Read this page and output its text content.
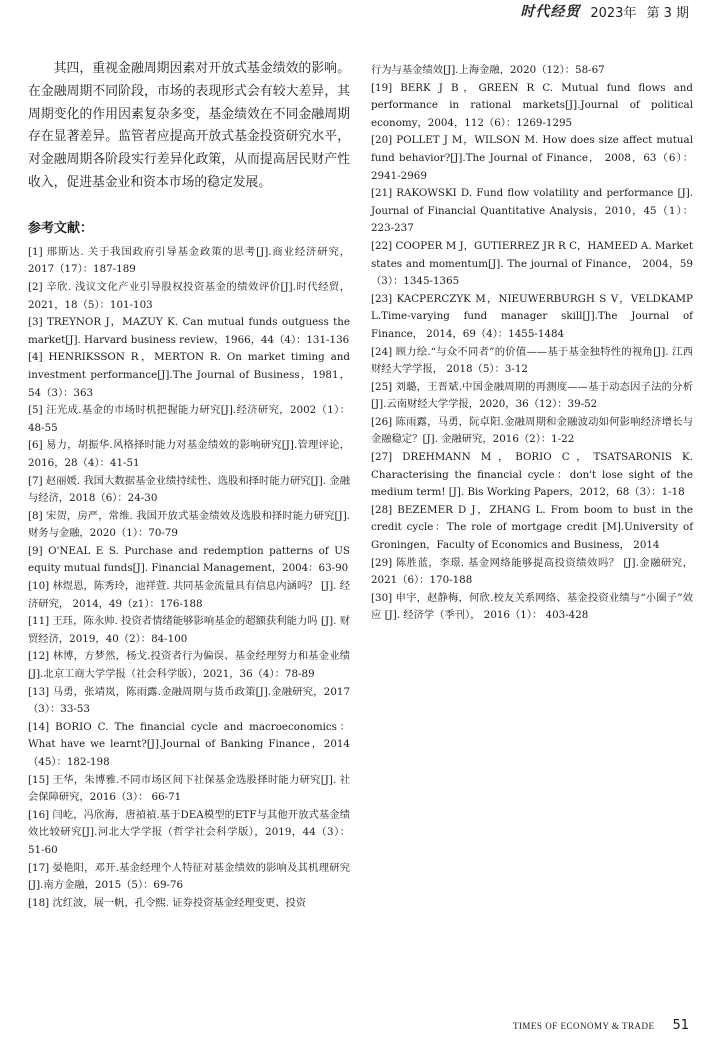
时代经贸 2023年 第 3 期

其四，重视金融周期因素对开放式基金绩效的影响。在金融周期不同阶段，市场的表现形式会有较大差异，其周期变化的作用因素复杂多变，基金绩效在不同金融周期存在显著差异。监管者应提高开放式基金投资研究水平，对金融周期各阶段实行差异化政策，从而提高居民财产性收入，促进基金业和资本市场的稳定发展。

参考文献：

[1] 邢斯达. 关于我国政府引导基金政策的思考[J].商业经济研究，2017（17）：187-189

[2] 辛欣. 浅议文化产业引导股权投资基金的绩效评价[J].时代经贸，2021，18（5）：101-103

[3] TREYNOR J，MAZUY K. Can mutual funds outguess the market[J]. Harvard business review，1966，44（4）：131-136

[4] HENRIKSSON R，MERTON R. On market timing and investment performance[J].The Journal of Business，1981，54（3）：363

[5] 汪光成.基金的市场时机把握能力研究[J].经济研究，2002（1）：48-55

[6] 易力，胡振华.风格择时能力对基金绩效的影响研究[J].管理评论，2016，28（4）：41-51

[7] 赵丽媛. 我国大数据基金业绩持续性、选股和择时能力研究[J]. 金融与经济，2018（6）：24-30

[8] 宋贺，房严，常维. 我国开放式基金绩效及选股和择时能力研究[J]. 财务与金融，2020（1）：70-79

[9] O'NEAL E S. Purchase and redemption patterns of US equity mutual funds[J]. Financial Management，2004：63-90

[10] 林煜恩，陈秀玲，池祥萱. 共同基金流量具有信息内涵吗？ [J]. 经济研究， 2014，49（z1）：176-188

[11] 王珏，陈永帅. 投资者情绪能够影响基金的超额获利能力吗 [J]. 财贸经济，2019，40（2）：84-100

[12] 林博，方梦然，杨戈.投资者行为偏误、基金经理努力和基金业绩[J].北京工商大学学报（社会科学版），2021，36（4）：78-89

[13] 马勇，张靖岚，陈雨露.金融周期与货币政策[J].金融研究，2017（3）：33-53

[14] BORIO C. The financial cycle and macroeconomics：What have we learnt?[J].Journal of Banking Finance，2014（45）：182-198

[15] 王华，朱博雅.不同市场区间下社保基金选股择时能力研究[J]. 社会保障研究，2016（3）： 66-71

[16] 闫屹，冯欣海，唐禎禎.基于DEA模型的ETF与其他开放式基金绩效比较研究[J].河北大学学报（哲学社会科学版），2019，44（3）：51-60

[17] 晏艳阳，邓开.基金经理个人特征对基金绩效的影响及其机理研究 [J].南方金融，2015（5）：69-76

[18] 沈红波，展一帆，孔令熙. 证券投资基金经理变更、投资

行为与基金绩效[J].上海金融，2020（12）：58-67

[19] BERK J B，GREEN R C. Mutual fund flows and performance in rational markets[J].Journal of political economy，2004，112（6）：1269-1295

[20] POLLET J M，WILSON M. How does size affect mutual fund behavior?[J].The Journal of Finance， 2008，63（6）：2941-2969

[21] RAKOWSKI D. Fund flow volatility and performance [J]. Journal of Financial Quantitative Analysis，2010，45（1）：223-237

[22] COOPER M J，GUTIERREZ JR R C，HAMEED A. Market states and momentum[J]. The journal of Finance， 2004，59（3）：1345-1365

[23] KACPERCZYK M，NIEUWERBURGH S V，VELDKAMP L.Time-varying fund manager skill[J].The Journal of Finance， 2014，69（4）：1455-1484

[24] 顾力绘.“与众不同者”的价值——基于基金独特性的视角[J]. 江西财经大学学报， 2018（5）：3-12

[25] 刘璐，王晋斌.中国金融周期的再测度——基于动态因子法的分析 [J].云南财经大学学报，2020，36（12）：39-52

[26] 陈雨露，马勇，阮卓阳.金融周期和金融波动如何影响经济增长与金融稳定？[J]. 金融研究，2016（2）：1-22

[27] DREHMANN M，BORIO C，TSATSARONIS K. Characterising the financial cycle：don't lose sight of the medium term! [J]. Bis Working Papers，2012，68（3）：1-18

[28] BEZEMER D J，ZHANG L. From boom to bust in the credit cycle：The role of mortgage credit [M].University of Groningen，Faculty of Economics and Business， 2014

[29] 陈胜蓝，李璟. 基金网络能够提高投资绩效吗？ [J].金融研究， 2021（6）：170-188

[30] 申宇，赵静梅，何欣.校友关系网络、基金投资业绩与“小圈子”效应 [J]. 经济学（季刊）， 2016（1）： 403-428

TIMES OF ECONOMY & TRADE 51
